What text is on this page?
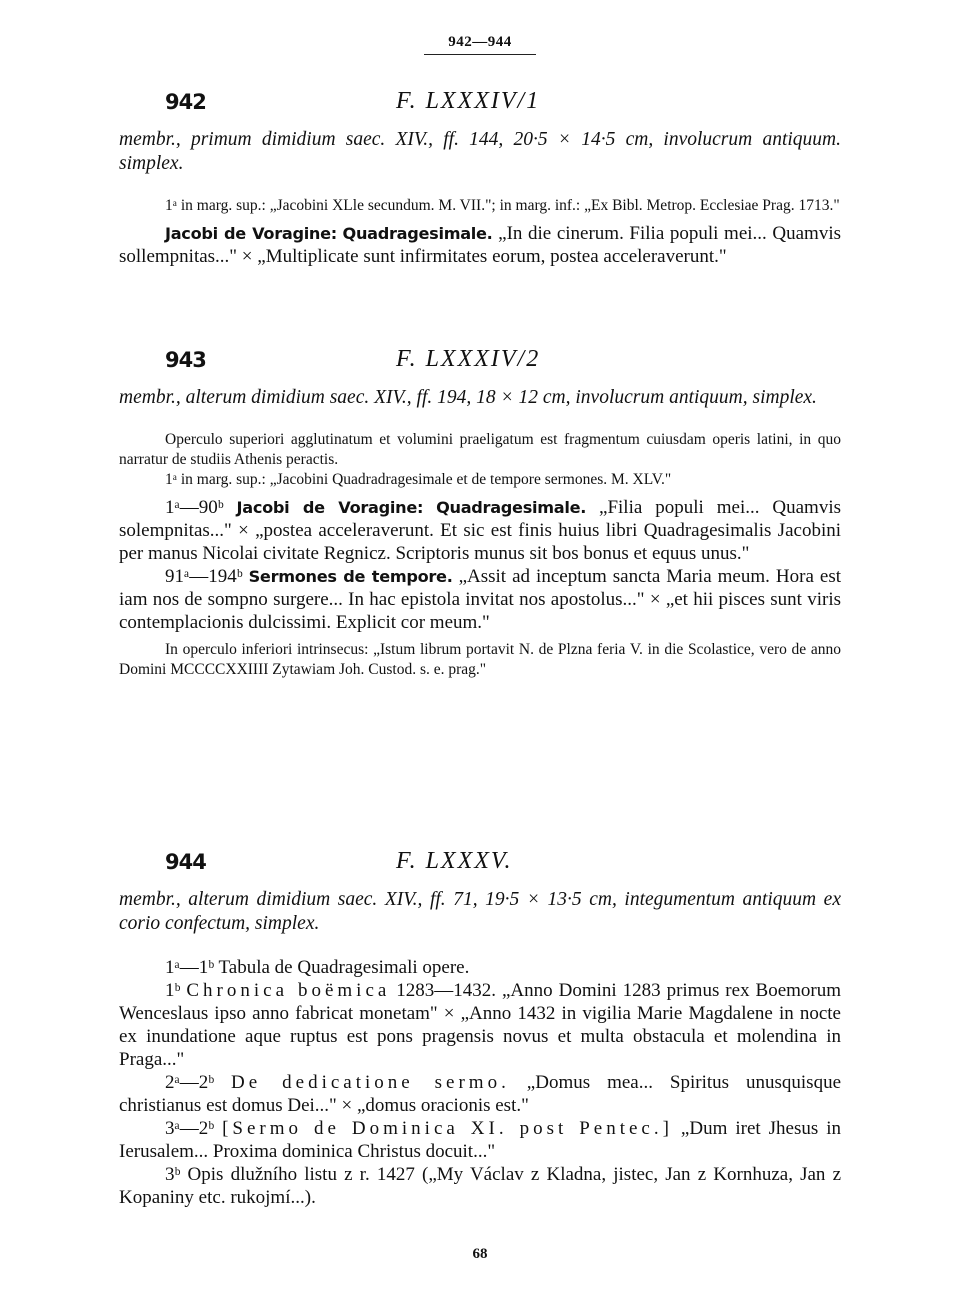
942—944
942	F. LXXXIV/1

membr., primum dimidium saec. XIV., ff. 144, 20·5 × 14·5 cm, involucrum antiquum. simplex.

1ᵃ in marg. sup.: „Jacobini XLle secundum. M. VII."; in marg. inf.: „Ex Bibl. Metrop. Ecclesiae Prag. 1713."

Jacobi de Voragine: Quadragesimale. „In die cinerum. Filia populi mei... Quamvis sollempnitas..." × „Multiplicate sunt infirmitates eorum, postea acceleraverunt."

943	F. LXXXIV/2

membr., alterum dimidium saec. XIV., ff. 194, 18 × 12 cm, involucrum antiquum, simplex.

Operculo superiori agglutinatum et volumini praeligatum est fragmentum cuiusdam operis latini, in quo narratur de studiis Athenis peractis.

1ᵃ in marg. sup.: „Jacobini Quadradragesimale et de tempore sermones. M. XLV."

1ᵃ—90ᵇ Jacobi de Voragine: Quadragesimale. „Filia populi mei... Quamvis solempnitas..." × „postea acceleraverunt. Et sic est finis huius libri Quadragesimalis Jacobini per manus Nicolai civitate Regnicz. Scriptoris munus sit bos bonus et equus unus."

91ᵃ—194ᵇ Sermones de tempore. „Assit ad inceptum sancta Maria meum. Hora est iam nos de sompno surgere... In hac epistola invitat nos apostolus..." × „et hii pisces sunt viris contemplacionis dulcissimi. Explicit cor meum."

In operculo inferiori intrinsecus: „Istum librum portavit N. de Plzna feria V. in die Scolastice, vero de anno Domini MCCCCXXIIII Zytawiam Joh. Custod. s. e. prag."

944	F. LXXXV.

membr., alterum dimidium saec. XIV., ff. 71, 19·5 × 13·5 cm, integumentum antiquum ex corio confectum, simplex.

1ᵃ—1ᵇ Tabula de Quadragesimali opere.

1ᵇ Chronica boëmica 1283—1432. „Anno Domini 1283 primus rex Boemorum Wenceslaus ipso anno fabricat monetam" × „Anno 1432 in vigilia Marie Magdalene in nocte ex inundatione aque ruptus est pons pragensis novus et multa obstacula et molendina in Praga..."

2ᵃ—2ᵇ De dedicatione sermo. „Domus mea... Spiritus unusquisque christianus est domus Dei..." × „domus oracionis est."

3ᵃ—2ᵇ [Sermo de Dominica XI. post Pentec.] „Dum iret Jhesus in Ierusalem... Proxima dominica Christus docuit..."

3ᵇ Opis dlužního listu z r. 1427 („My Václav z Kladna, jistec, Jan z Kornhuza, Jan z Kopaniny etc. rukojmí...).

68
